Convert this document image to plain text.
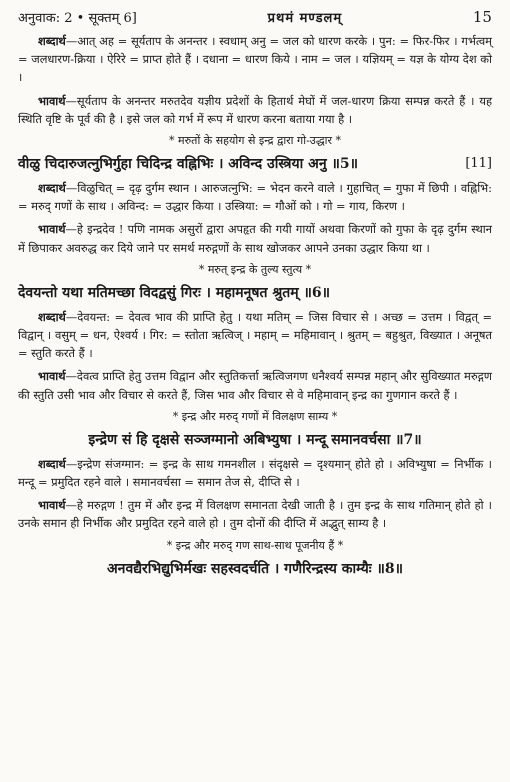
अनुवाक: 2 • सूक्तम् 6]	प्रथमं मण्डलम्	15

शब्दार्थ—आत् अह = सूर्यताप के अनन्तर । स्वधाम् अनु = जल को धारण करके । पुन: = फिर-फिर । गर्भत्वम् = जलधारण-क्रिया । ऐरिरे = प्राप्त होते हैं । दधाना = धारण किये । नाम = जल । यज्ञियम् = यज्ञ के योग्य देश को ।

भावार्थ—सूर्यताप के अनन्तर मरुतदेव यज्ञीय प्रदेशों के हितार्थ मेघों में जल-धारण क्रिया सम्पन्न करते हैं । यह स्थिति वृष्टि के पूर्व की है । इसे जल को गर्भ में रूप में धारण करना बताया गया है ।

* मरुतों के सहयोग से इन्द्र द्वारा गो-उद्धार *
वीळु चिदारुजत्नुभिर्गुहा चिदिन्द्र वह्निभिः । अविन्द उस्त्रिया अनु ॥5॥	[11]

शब्दार्थ—विळुचित् = दृढ़ दुर्गम स्थान । आरुजत्नुभि: = भेदन करने वाले । गुहाचित् = गुफा में छिपी । वह्निभि: = मरुद् गणों के साथ । अविन्द: = उद्धार किया । उस्त्रिया: = गौओं को । गो = गाय, किरण ।

भावार्थ—हे इन्द्रदेव ! पणि नामक असुरों द्वारा अपहृत की गयी गायों अथवा किरणों को गुफा के दृढ़ दुर्गम स्थान में छिपाकर अवरुद्ध कर दिये जाने पर समर्थ मरुद्गणों के साथ खोजकर आपने उनका उद्धार किया था ।

* मरुत् इन्द्र के तुल्य स्तुत्य *
देवयन्तो यथा मतिमच्छा विदद्वसुं गिरः । महामनूषत श्रुतम् ॥6॥

शब्दार्थ—देवयन्त: = देवत्व भाव की प्राप्ति हेतु । यथा मतिम् = जिस विचार से । अच्छ = उत्तम । विद्वत् = विद्वान् । वसुम् = धन, ऐश्वर्य । गिर: = स्तोता ऋत्विज् । महाम् = महिमावान् । श्रुतम् = बहुश्रुत, विख्यात । अनूषत = स्तुति करते हैं ।

भावार्थ—देवत्व प्राप्ति हेतु उत्तम विद्वान और स्तुतिकर्त्ता ऋत्विजगण धनैश्वर्य सम्पन्न महान् और सुविख्यात मरुद्गण की स्तुति उसी भाव और विचार से करते हैं, जिस भाव और विचार से वे महिमावान् इन्द्र का गुणगान करते हैं ।

* इन्द्र और मरुद् गणों में विलक्षण साम्य *
इन्द्रेण सं हि दृक्षसे सञ्जग्मानो अबिभ्युषा । मन्दू समानवर्चसा ॥7॥

शब्दार्थ—इन्द्रेण संजग्मान: = इन्द्र के साथ गमनशील । संदृक्षसे = दृश्यमान् होते हो । अविभ्युषा = निर्भीक । मन्दू = प्रमुदित रहने वाले । समानवर्चसा = समान तेज से, दीप्ति से ।

भावार्थ—हे मरुद्गण ! तुम में और इन्द्र में विलक्षण समानता देखी जाती है । तुम इन्द्र के साथ गतिमान् होते हो । उनके समान ही निर्भीक और प्रमुदित रहने वाले हो । तुम दोनों की दीप्ति में अद्भुत् साम्य है ।

* इन्द्र और मरुद् गण साथ-साथ पूजनीय हैं *
अनवद्यैरभिद्युभिर्मखः सहस्वदर्चति । गणैरिन्द्रस्य काम्यैः ॥8॥
